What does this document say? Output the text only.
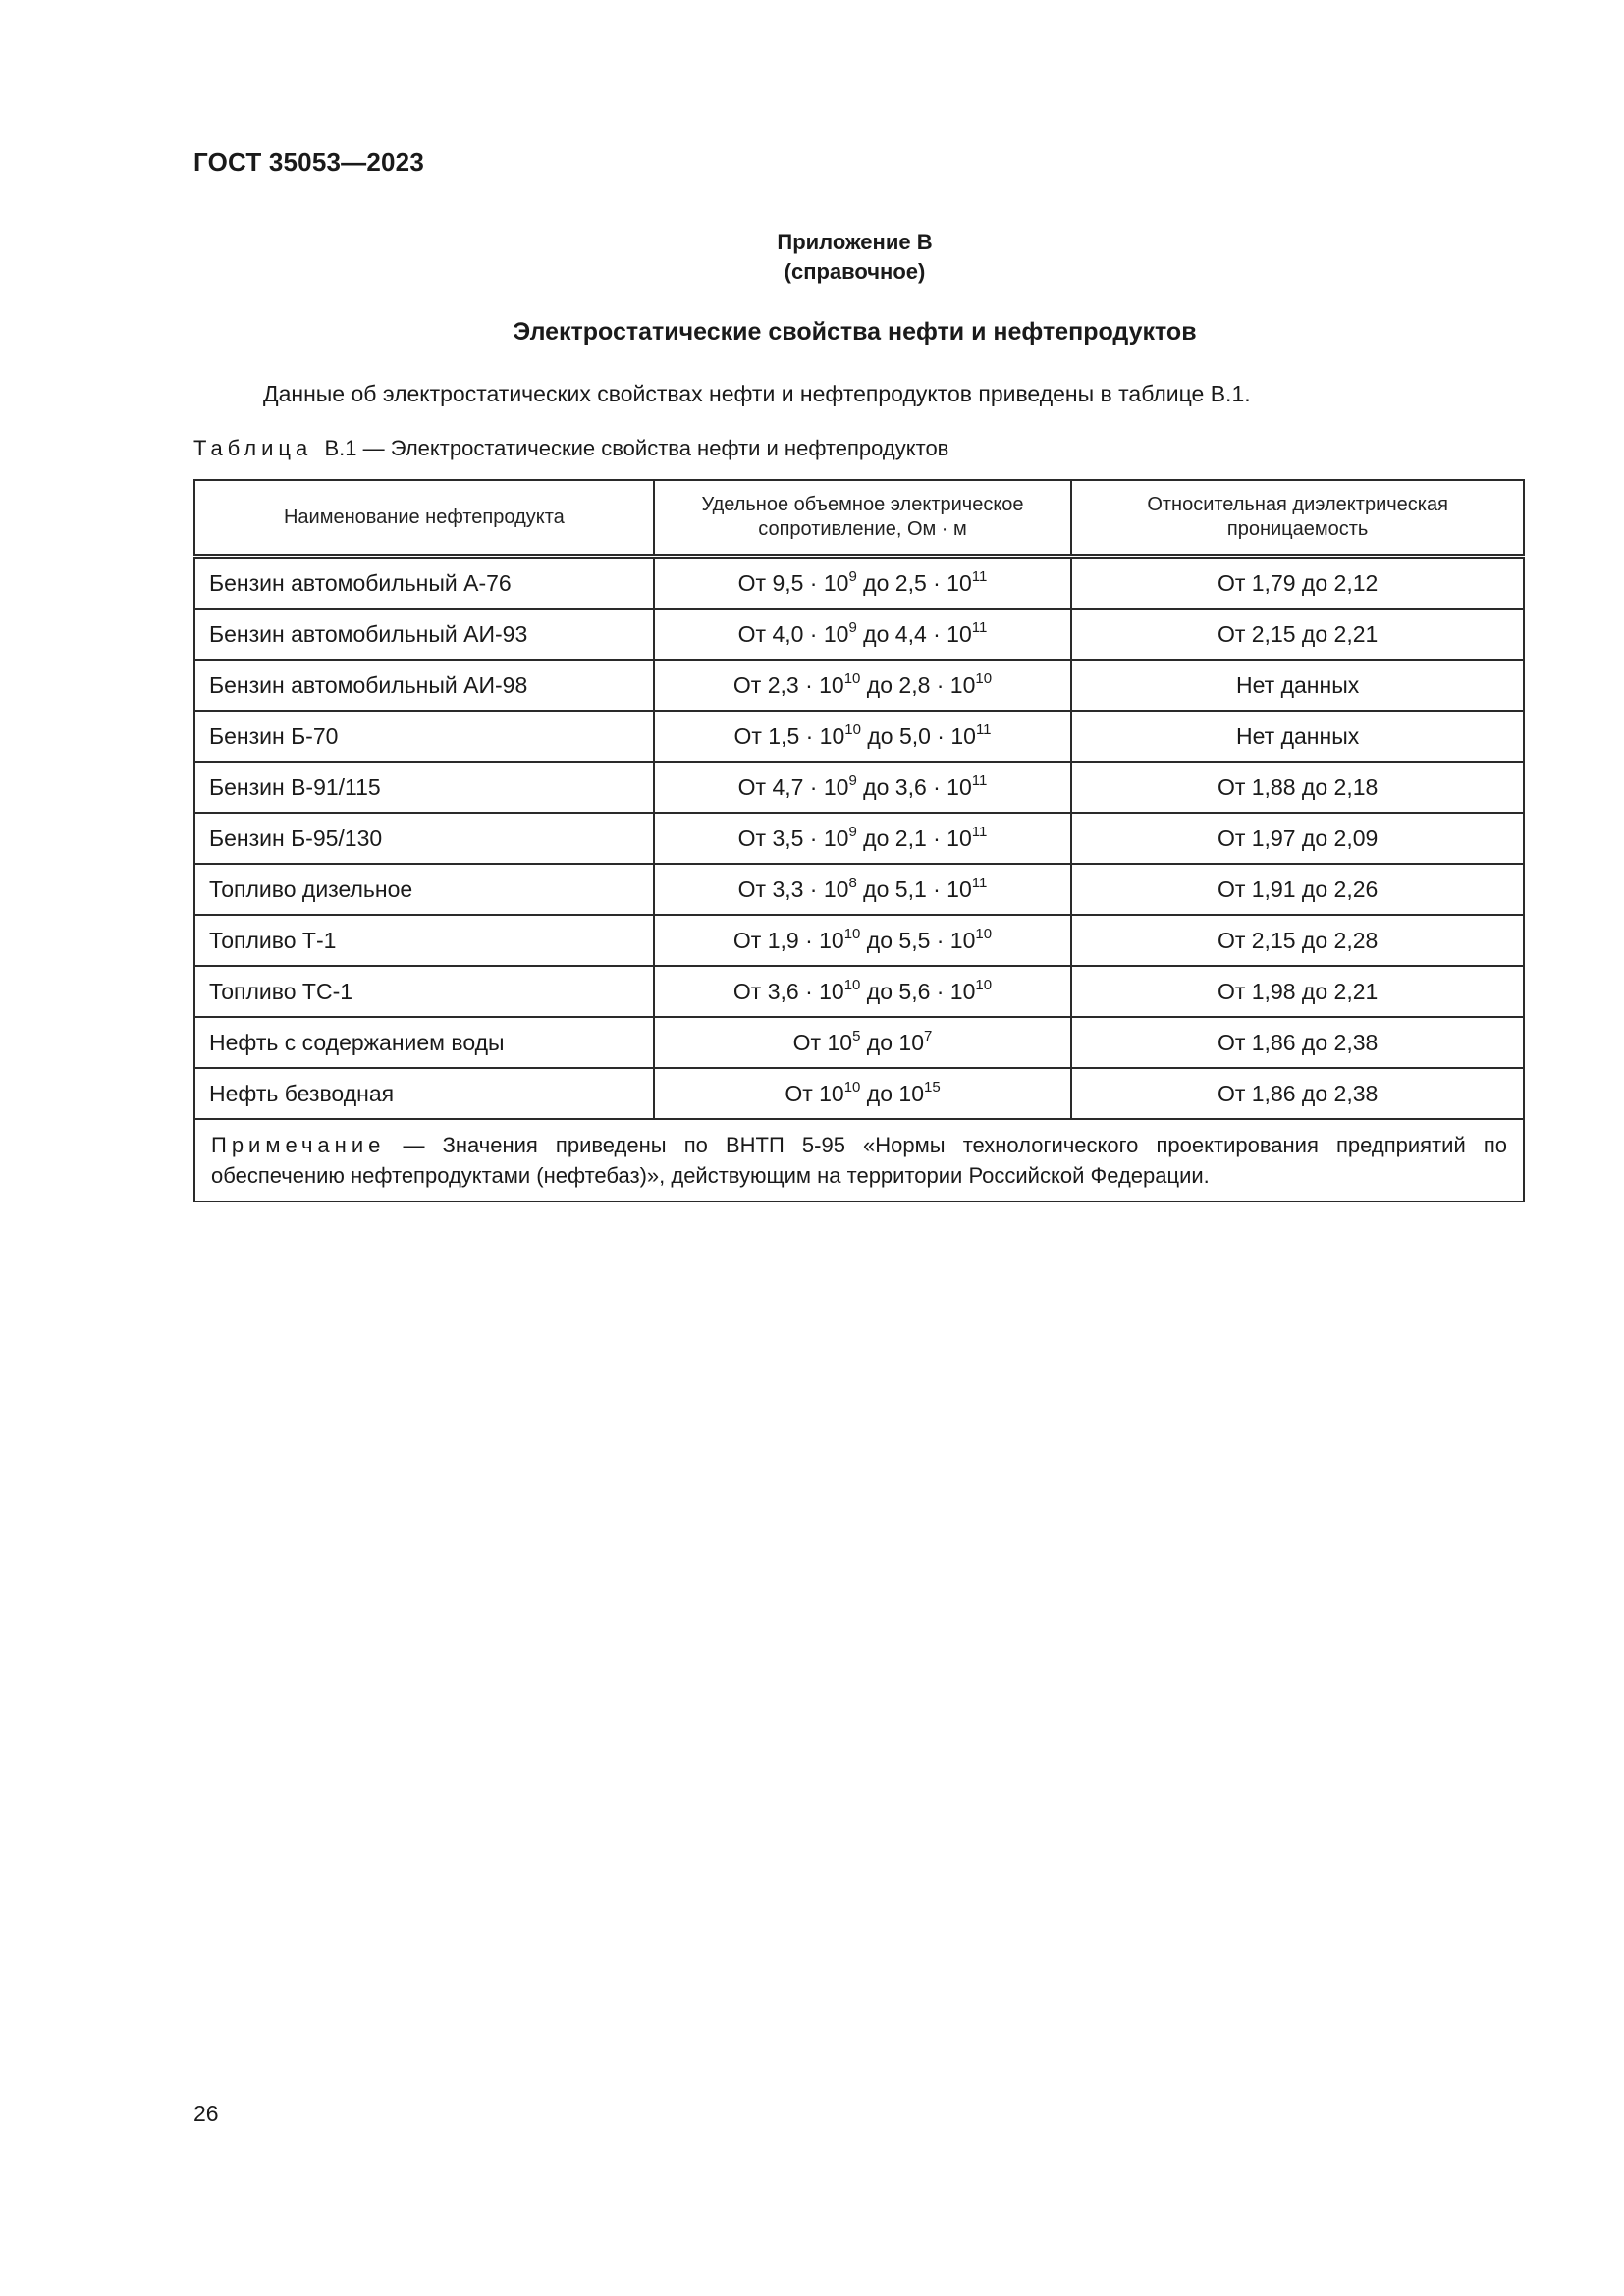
ГОСТ 35053—2023
Приложение В
(справочное)
Электростатические свойства нефти и нефтепродуктов
Данные об электростатических свойствах нефти и нефтепродуктов приведены в таблице В.1.
Таблица В.1 — Электростатические свойства нефти и нефтепродуктов
Наименование нефтепродукта	Удельное объемное электрическое сопротивление, Ом · м	Относительная диэлектрическая проницаемость
Бензин автомобильный А-76	От $9,5 \cdot 10^9$ до $2,5 \cdot 10^{11}$	От 1,79 до 2,12
Бензин автомобильный АИ-93	От $4,0 \cdot 10^9$ до $4,4 \cdot 10^{11}$	От 2,15 до 2,21
Бензин автомобильный АИ-98	От $2,3 \cdot 10^{10}$ до $2,8 \cdot 10^{10}$	Нет данных
Бензин Б-70	От $1,5 \cdot 10^{10}$ до $5,0 \cdot 10^{11}$	Нет данных
Бензин В-91/115	От $4,7 \cdot 10^9$ до $3,6 \cdot 10^{11}$	От 1,88 до 2,18
Бензин Б-95/130	От $3,5 \cdot 10^9$ до $2,1 \cdot 10^{11}$	От 1,97 до 2,09
Топливо дизельное	От $3,3 \cdot 10^8$ до $5,1 \cdot 10^{11}$	От 1,91 до 2,26
Топливо Т-1	От $1,9 \cdot 10^{10}$ до $5,5 \cdot 10^{10}$	От 2,15 до 2,28
Топливо ТС-1	От $3,6 \cdot 10^{10}$ до $5,6 \cdot 10^{10}$	От 1,98 до 2,21
Нефть с содержанием воды	От $10^5$ до $10^7$	От 1,86 до 2,38
Нефть безводная	От $10^{10}$ до $10^{15}$	От 1,86 до 2,38
Примечание — Значения приведены по ВНТП 5-95 «Нормы технологического проектирования предприятий по обеспечению нефтепродуктами (нефтебаз)», действующим на территории Российской Федерации.		
26
